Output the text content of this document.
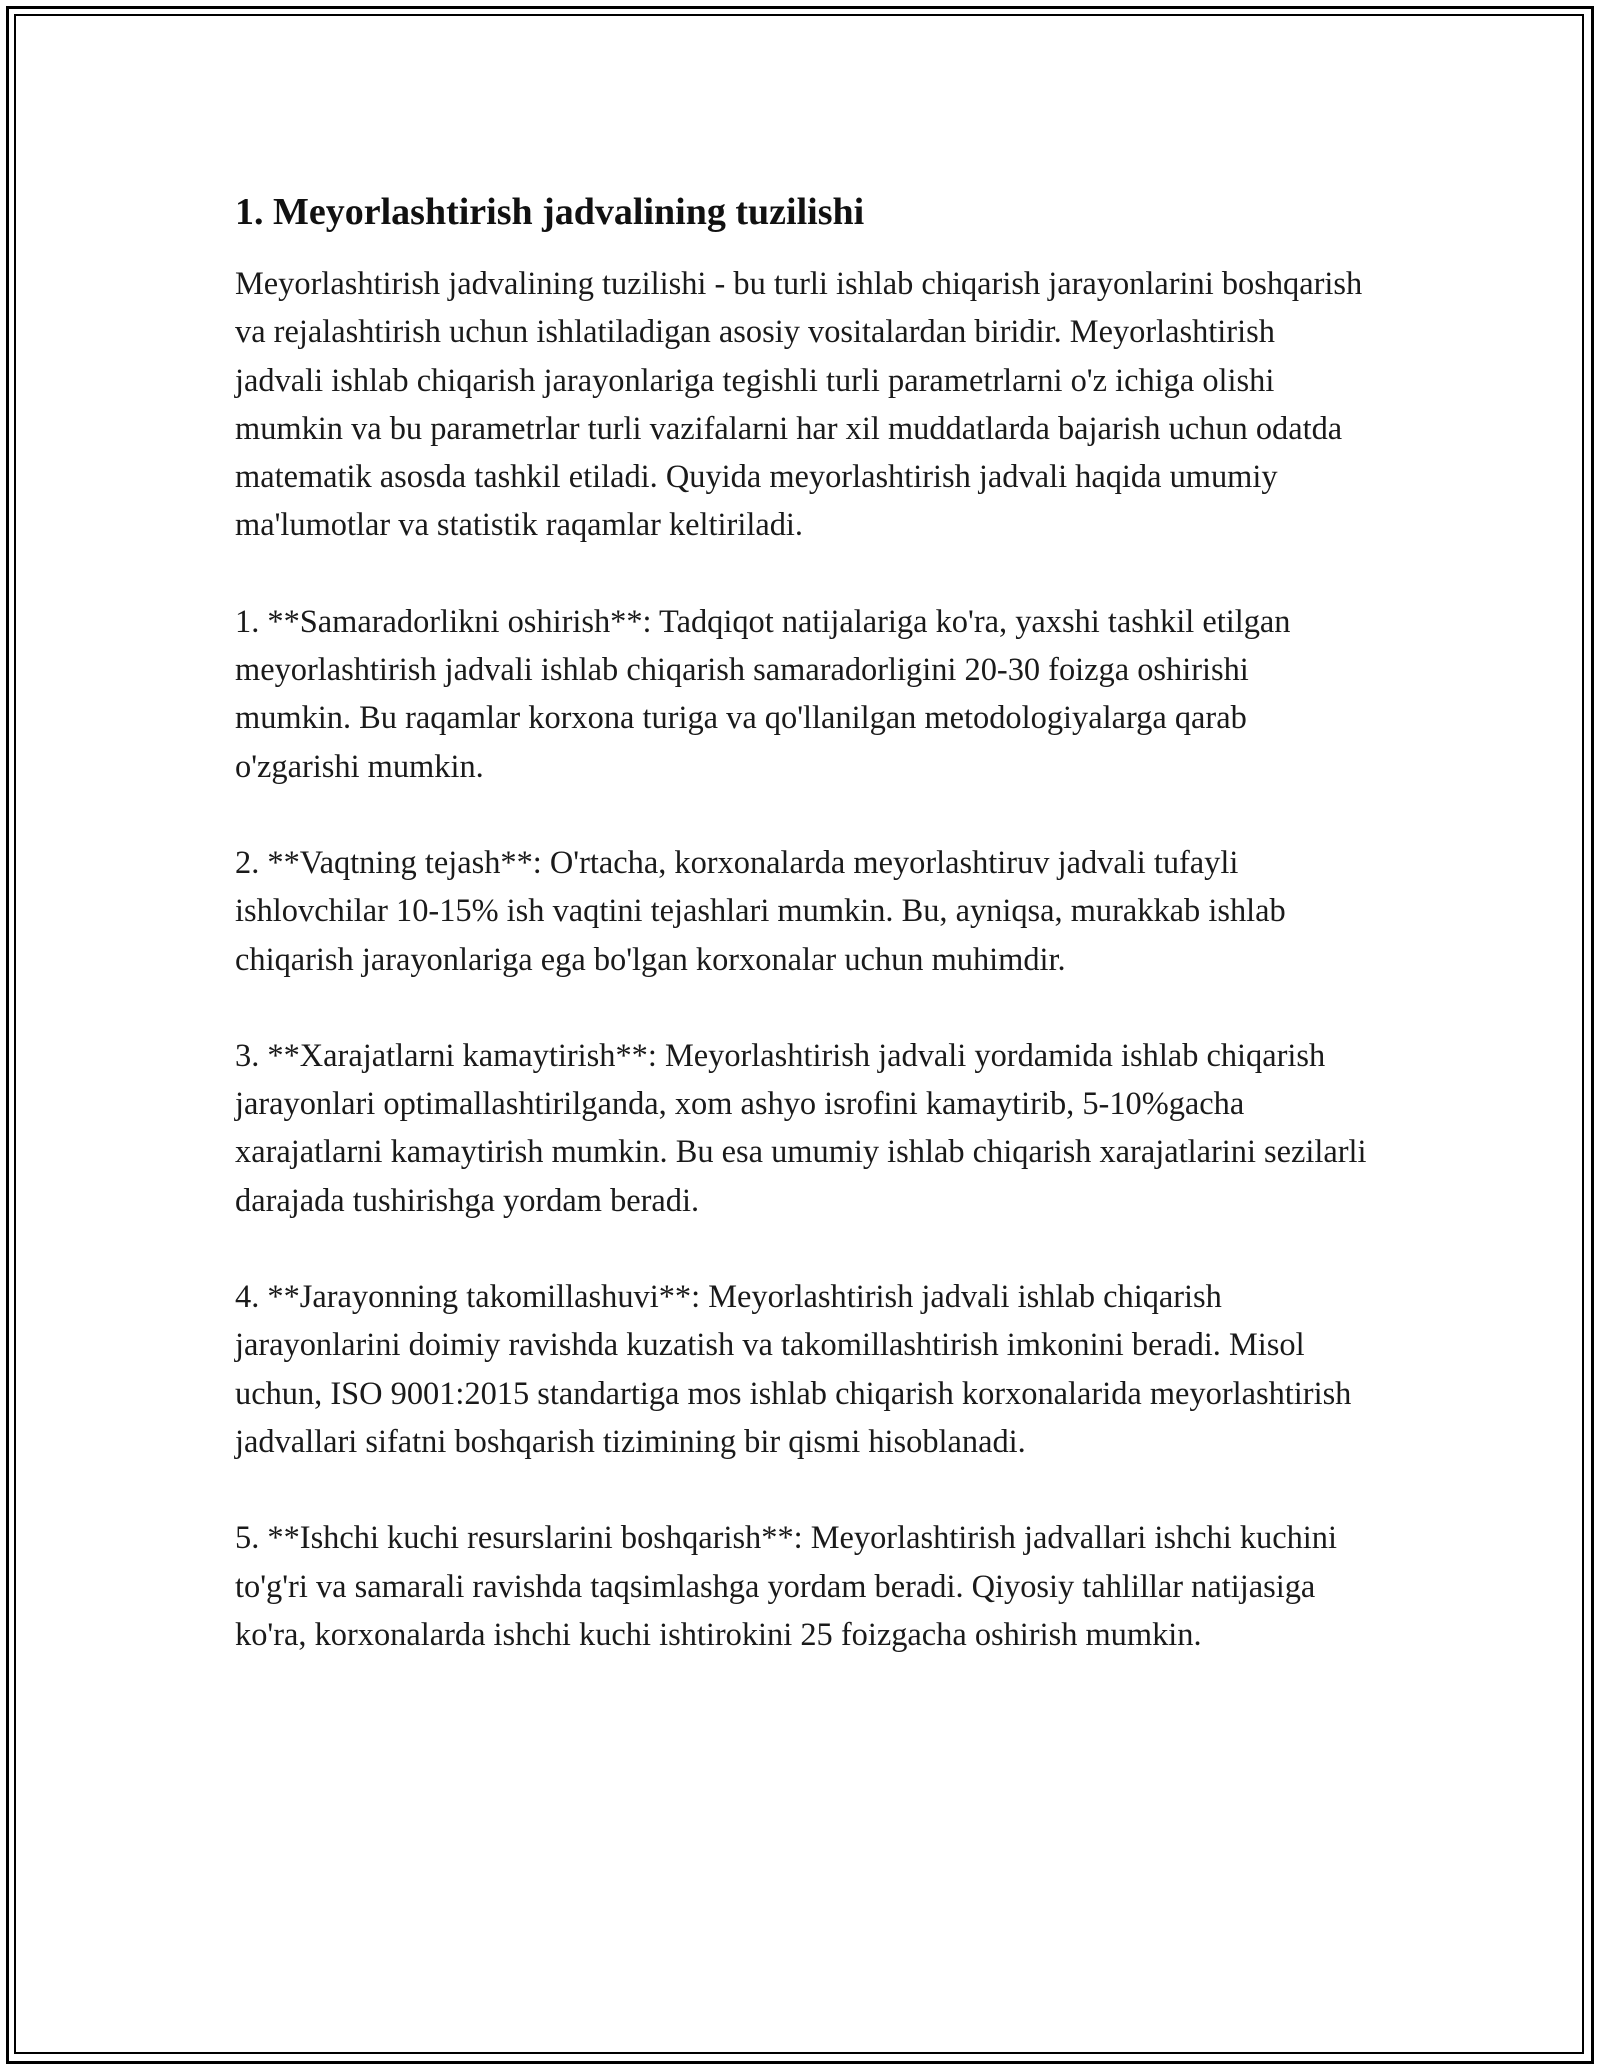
1. Meyorlashtirish jadvalining tuzilishi

Meyorlashtirish jadvalining tuzilishi - bu turli ishlab chiqarish jarayonlarini boshqarish va rejalashtirish uchun ishlatiladigan asosiy vositalardan biridir. Meyorlashtirish jadvali ishlab chiqarish jarayonlariga tegishli turli parametrlarni o'z ichiga olishi mumkin va bu parametrlar turli vazifalarni har xil muddatlarda bajarish uchun odatda matematik asosda tashkil etiladi. Quyida meyorlashtirish jadvali haqida umumiy ma'lumotlar va statistik raqamlar keltiriladi.

1. **Samaradorlikni oshirish**: Tadqiqot natijalariga ko'ra, yaxshi tashkil etilgan meyorlashtirish jadvali ishlab chiqarish samaradorligini 20-30 foizga oshirishi mumkin. Bu raqamlar korxona turiga va qo'llanilgan metodologiyalarga qarab o'zgarishi mumkin.

2. **Vaqtning tejash**: O'rtacha, korxonalarda meyorlashtiruv jadvali tufayli ishlovchilar 10-15% ish vaqtini tejashlari mumkin. Bu, ayniqsa, murakkab ishlab chiqarish jarayonlariga ega bo'lgan korxonalar uchun muhimdir.

3. **Xarajatlarni kamaytirish**: Meyorlashtirish jadvali yordamida ishlab chiqarish jarayonlari optimallashtirilganda, xom ashyo isrofini kamaytirib, 5-10%gacha xarajatlarni kamaytirish mumkin. Bu esa umumiy ishlab chiqarish xarajatlarini sezilarli darajada tushirishga yordam beradi.

4. **Jarayonning takomillashuvi**: Meyorlashtirish jadvali ishlab chiqarish jarayonlarini doimiy ravishda kuzatish va takomillashtirish imkonini beradi. Misol uchun, ISO 9001:2015 standartiga mos ishlab chiqarish korxonalarida meyorlashtirish jadvallari sifatni boshqarish tizimining bir qismi hisoblanadi.

5. **Ishchi kuchi resurslarini boshqarish**: Meyorlashtirish jadvallari ishchi kuchini to'g'ri va samarali ravishda taqsimlashga yordam beradi. Qiyosiy tahlillar natijasiga ko'ra, korxonalarda ishchi kuchi ishtirokini 25 foizgacha oshirish mumkin.
